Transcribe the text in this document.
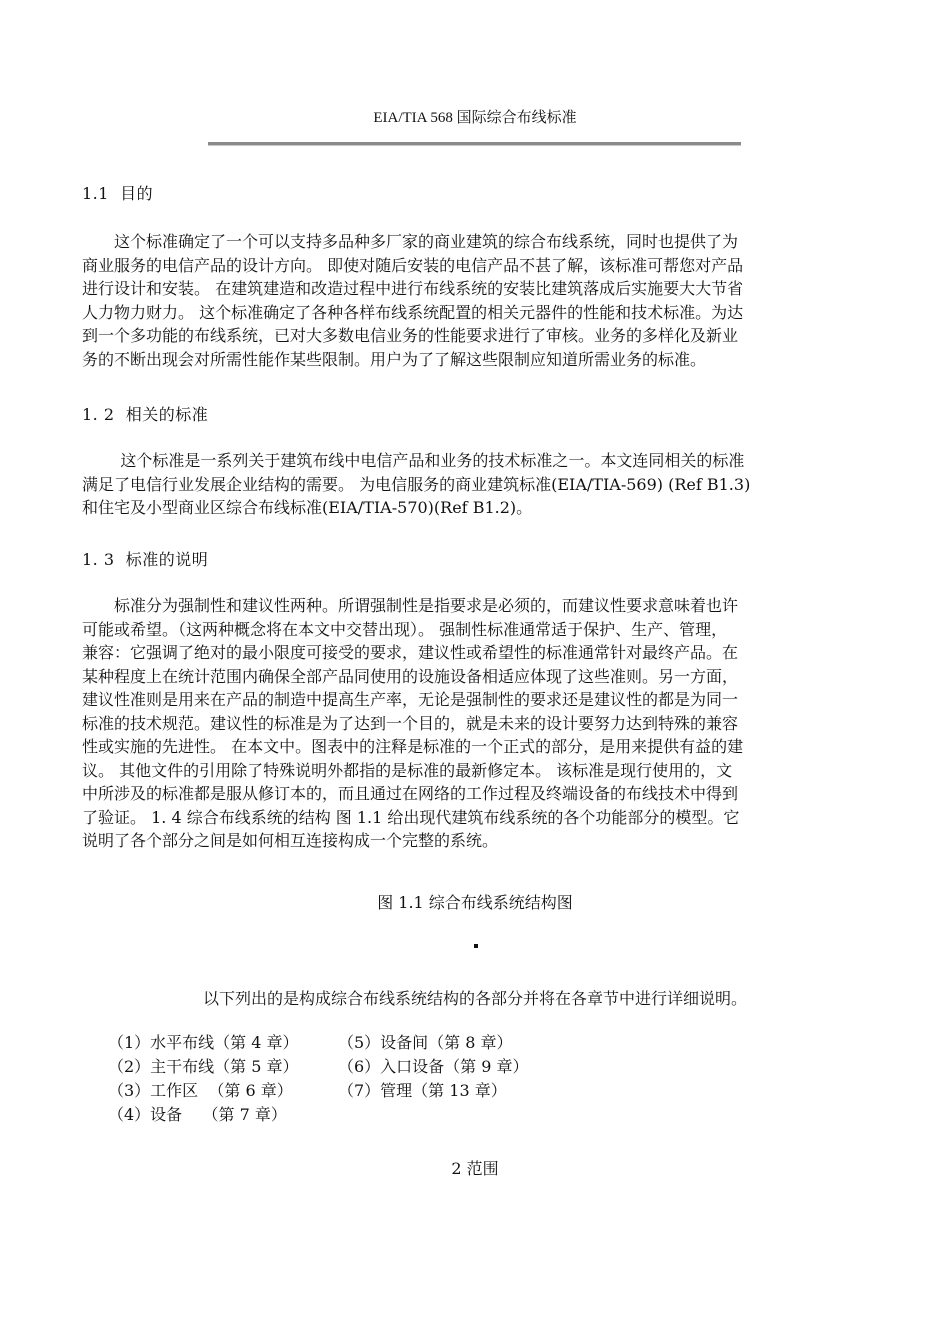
EIA/TIA 568 国际综合布线标准
1.1  目的
这个标准确定了一个可以支持多品种多厂家的商业建筑的综合布线系统，同时也提供了为
商业服务的电信产品的设计方向。 即使对随后安装的电信产品不甚了解，该标准可帮您对产品
进行设计和安装。 在建筑建造和改造过程中进行布线系统的安装比建筑落成后实施要大大节省
人力物力财力。 这个标准确定了各种各样布线系统配置的相关元器件的性能和技术标准。为达
到一个多功能的布线系统，已对大多数电信业务的性能要求进行了审核。业务的多样化及新业
务的不断出现会对所需性能作某些限制。用户为了了解这些限制应知道所需业务的标准。
1. 2  相关的标准
这个标准是一系列关于建筑布线中电信产品和业务的技术标准之一。本文连同相关的标准
满足了电信行业发展企业结构的需要。 为电信服务的商业建筑标准(EIA/TIA-569) (Ref B1.3)
和住宅及小型商业区综合布线标准(EIA/TIA-570)(Ref B1.2)。
1. 3  标准的说明
标准分为强制性和建议性两种。所谓强制性是指要求是必须的，而建议性要求意味着也许
可能或希望。（这两种概念将在本文中交替出现）。 强制性标准通常适于保护、生产、管理，
兼容：它强调了绝对的最小限度可接受的要求，建议性或希望性的标准通常针对最终产品。在
某种程度上在统计范围内确保全部产品同使用的设施设备相适应体现了这些准则。另一方面，
建议性准则是用来在产品的制造中提高生产率，无论是强制性的要求还是建议性的都是为同一
标准的技术规范。建议性的标准是为了达到一个目的，就是未来的设计要努力达到特殊的兼容
性或实施的先进性。 在本文中。图表中的注释是标准的一个正式的部分，是用来提供有益的建
议。 其他文件的引用除了特殊说明外都指的是标准的最新修定本。 该标准是现行使用的，文
中所涉及的标准都是服从修订本的，而且通过在网络的工作过程及终端设备的布线技术中得到
了验证。 1. 4 综合布线系统的结构 图 1.1 给出现代建筑布线系统的各个功能部分的模型。它
说明了各个部分之间是如何相互连接构成一个完整的系统。
图 1.1 综合布线系统结构图
以下列出的是构成综合布线系统结构的各部分并将在各章节中进行详细说明。
（1）水平布线（第 4 章）	（5）设备间（第 8 章）
（2）主干布线（第 5 章）	（6）入口设备（第 9 章）
（3）工作区  （第 6 章）	（7）管理（第 13 章）
（4）设备    （第 7 章）
2 范围
